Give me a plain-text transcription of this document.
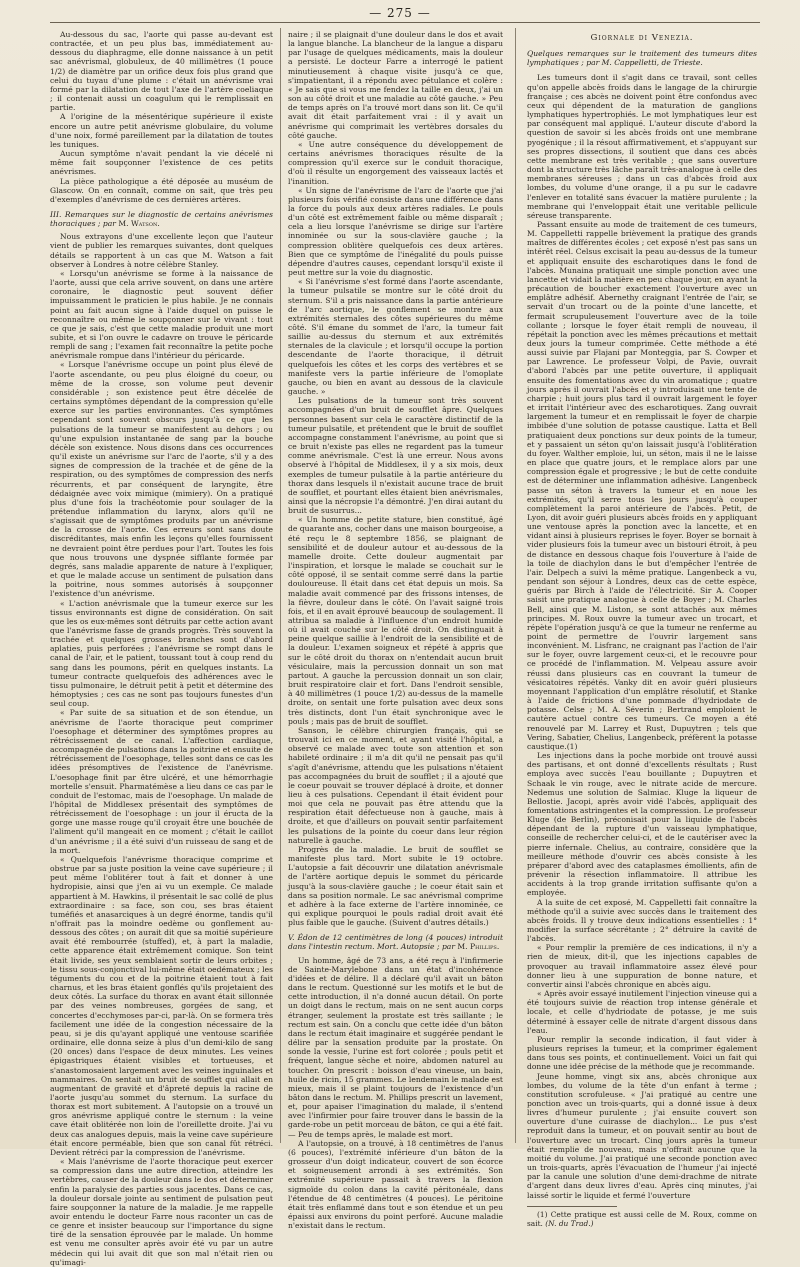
— 275 —

Au-dessous du sac, l'aorte qui passe au-devant est contractée, et un peu plus bas, immédiatement au-dessous du diaphragme, elle donne naissance à un petit sac anévrismal, globuleux, de 40 millimètres (1 pouce 1/2) de diamètre par un orifice deux fois plus grand que celui du tuyau d'une plume : c'était un anévrisme vrai formé par la dilatation de tout l'axe de l'artère coeliaque ; il contenait aussi un coagulum qui le remplissait en partie.

A l'origine de la mésentérique supérieure il existe encore un autre petit anévrisme globulaire, du volume d'une noix, formé pareillement par la dilatation de toutes les tuniques.

Aucun symptôme n'avait pendant la vie décelé ni même fait soupçonner l'existence de ces petits anévrismes.

La pièce pathologique a été déposée au muséum de Glascow. On en connaît, comme on sait, que très peu d'exemples d'anévrisme de ces dernières artères.

III. Remarques sur le diagnostic de certains anévrismes thoraciques ; par M. Watson.

Nous extrayons d'une excellente leçon que l'auteur vient de publier les remarques suivantes, dont quelques détails se rapportent à un cas que M. Watson a fait observer à Londres à notre célèbre Stanley.

« Lorsqu'un anévrisme se forme à la naissance de l'aorte, aussi que cela arrive souvent, on dans une artère coronaire, le diagnostic peut souvent défier impuissamment le praticien le plus habile. Je ne connais point au fait aucun signe à l'aide duquel on puisse le reconnaître ou même le soupçonner sur le vivant : tout ce que je sais, c'est que cette maladie produit une mort subite, et si l'on ouvre le cadavre on trouve le péricarde rempli de sang ; l'examen fait reconnaître la petite poche anévrismale rompue dans l'intérieur du péricarde.

« Lorsque l'anévrisme occupe un point plus élevé de l'aorte ascendante, ou peu plus éloigné du coeur, ou même de la crosse, son volume peut devenir considérable ; son existence peut être décelée de certains symptômes dépendant de la compression qu'elle exerce sur les parties environnantes. Ces symptômes cependant sont souvent obscurs jusqu'à ce que les pulsations de la tumeur se manifestent au dehors ; ou qu'une expulsion instantanée de sang par la bouche décèle son existence. Nous disons dans ces occurrences qu'il existe un anévrisme sur l'arc de l'aorte, s'il y a des signes de compression de la trachée et de gêne de la respiration, ou des symptômes de compression des nerfs récurrents, et par conséquent de laryngite, être dédaignée avec voix mimique (mimiery). On a pratiqué plus d'une fois la trachéotomie pour soulager de la prétendue inflammation du larynx, alors qu'il ne s'agissait que de symptômes produits par un anévrisme de la crosse de l'aorte. Ces erreurs sont sans doute discréditantes, mais enfin les leçons qu'elles fournissent ne devraient point être perdues pour l'art. Toutes les fois que nous trouvons une dyspnée sifflante formée par degrés, sans maladie apparente de nature à l'expliquer, et que le malade accuse un sentiment de pulsation dans la poitrine, nous sommes autorisés à soupçonner l'existence d'un anévrisme.

« L'action anévrismale que la tumeur exerce sur les tissus environnants est digne de considération. On sait que les os eux-mêmes sont détruits par cette action avant que l'anévrisme fasse de grands progrès. Très souvent la trachée et quelques grosses branches sont d'abord aplaties, puis perforées ; l'anévrisme se rompt dans le canal de l'air, et le patient, toussant tout à coup rend du sang dans les poumons, périt en quelques instants. La tumeur contracte quelquefois des adhérences avec le tissu pulmonaire, le détruit petit à petit et détermine des hémoptysies ; ces cas ne sont pas toujours funestes d'un seul coup.

« Par suite de sa situation et de son étendue, un anévrisme de l'aorte thoracique peut comprimer l'oesophage et déterminer des symptômes propres au rétrécissement de ce canal. L'affection cardiaque, accompagnée de pulsations dans la poitrine et ensuite de rétrécissement de l'oesophage, telles sont dans ce cas les idées présomptives de l'existence de l'anévrisme. L'oesophage finit par être ulcéré, et une hémorrhagie mortelle s'ensuit. Pharmatémèse a lieu dans ce cas par le conduit de l'estomac, mais de l'oesophage. Un malade de l'hôpital de Middlesex présentait des symptômes de rétrécissement de l'oesophage : un jour il éructa de la gorge une masse rouge qu'il croyait être une bouchée de l'aliment qu'il mangeait en ce moment ; c'était le caillot d'un anévrisme ; il a été suivi d'un ruisseau de sang et de la mort.

« Quelquefois l'anévrisme thoracique comprime et obstrue par sa juste position la veine cave supérieure ; il peut même l'oblitérer tout à fait et donner à une hydropisie, ainsi que j'en ai vu un exemple. Ce malade appartient à M. Hawkins, il présentait le sac collé de plus extraordinaire : sa face, son cou, ses bras étaient tuméfiés et anasarciques à un degré énorme, tandis qu'il n'offrait pas la moindre oedème ou gonflement au-dessous des côtes ; on aurait dit que sa moitié supérieure avait été rembourrée (stuffed), et, à part la maladie, cette apparence était extrêmement comique. Son teint était livide, ses yeux semblaient sortir de leurs orbites ; le tissu sous-conjonctival lui-même était oedémateux ; les téguments du cou et de la poitrine étaient tout à fait charnus, et les bras étaient gonflés qu'ils projetaient des deux côtés. La surface du thorax en avant était sillonnée par des veines nombreuses, gorgées de sang, et concertes d'ecchymoses par-ci, par-là. On se formera très facilement une idée de la congestion nécessaire de la peau, si je dis qu'ayant appliqué une ventouse scarifiée ordinaire, elle donna seize à plus d'un demi-kilo de sang (20 onces) dans l'espace de deux minutes. Les veines épigastriques étaient visibles et tortueuses, et s'anastomosaient largement avec les veines inguinales et mammaires. On sentait un bruit de soufflet qui allait en augmentant de gravité et d'âpreté depuis la racine de l'aorte jusqu'au sommet du sternum. La surface du thorax est mort subitement. A l'autopsie on a trouvé un gros anévrisme appliqué contre le sternum : la veine cave était oblitérée non loin de l'oreillette droite. J'ai vu deux cas analogues depuis, mais la veine cave supérieure était encore perméable, bien que son canal fût rétréci. Devient rétréci par la compression de l'anévrisme.

« Mais l'anévrisme de l'aorte thoracique peut exercer sa compression dans une autre direction, atteindre les vertèbres, causer de la douleur dans le dos et déterminer enfin la paralysie des parties sous jacentes. Dans ce cas, la douleur dorsale jointe au sentiment de pulsation peut faire soupçonner la nature de la maladie. Je me rappelle avoir entendu le docteur Farre nous raconter un cas de ce genre et insister beaucoup sur l'importance du signe tiré de la sensation éprouvée par le malade. Un homme est venu me consulter après avoir été vu par un autre médecin qui lui avait dit que son mal n'était rien ou qu'imagi-

naire ; il se plaignait d'une douleur dans le dos et avait la langue blanche. La blancheur de la langue a disparu par l'usage de quelques médicaments, mais la douleur a persisté. Le docteur Farre a interrogé le patient minutieusement à chaque visite jusqu'à ce que, s'impatientant, il a répondu avec pétulance et colère : « Je sais que si vous me fendez la taille en deux, j'ai un son au côté droit et une maladie au côté gauche. » Peu de temps après on l'a trouvé mort dans son lit. Ce qu'il avait dit était parfaitement vrai : il y avait un anévrisme qui comprimait les vertèbres dorsales du côté gauche.

« Une autre conséquence du développement de certains anévrismes thoraciques résulte de la compression qu'il exerce sur le conduit thoracique, d'où il résulte un engorgement des vaisseaux lactés et l'inanition.

« Un signe de l'anévrisme de l'arc de l'aorte que j'ai plusieurs fois vérifié consiste dans une différence dans la force du pouls aux deux artères radiales. Le pouls d'un côté est extrêmement faible ou même disparaît ; cela a lieu lorsque l'anévrisme se dirige sur l'artère innominée ou sur la sous-clavière gauche ; la compression oblitère quelquefois ces deux artères. Bien que ce symptôme de l'inégalité du pouls puisse dépendre d'autres causes, cependant lorsqu'il existe il peut mettre sur la voie du diagnostic.

« Si l'anévrisme s'est formé dans l'aorte ascendante, la tumeur pulsatile se montre sur le côté droit du sternum. S'il a pris naissance dans la partie antérieure de l'arc aortique, le gonflement se montre aux extrémités sternales des côtes supérieures du même côté. S'il émane du sommet de l'arc, la tumeur fait saillie au-dessus du sternum et aux extrémités sternales de la clavicule ; et lorsqu'il occupe la portion descendante de l'aorte thoracique, il détruit quelquefois les côtes et les corps des vertèbres et se manifeste vers la partie inférieure de l'omoplate gauche, ou bien en avant au dessous de la clavicule gauche. »

Les pulsations de la tumeur sont très souvent accompagnées d'un bruit de soufflet âpre. Quelques personnes basent sur cela le caractère distinctif de la tumeur pulsatile, et prétendent que le bruit de soufflet accompagne constamment l'anévrisme, au point que si ce bruit n'existe pas elles ne regardent pas la tumeur comme anévrismale. C'est là une erreur. Nous avons observé à l'hôpital de Middlesex, il y a six mois, deux exemples de tumeur pulsatile à la partie antérieure du thorax dans lesquels il n'existait aucune trace de bruit de soufflet, et pourtant elles étaient bien anévrismales, ainsi que la nécropsie l'a démontré. J'en dirai autant du bruit de susurrus...

« Un homme de petite stature, bien constitué, âgé de quarante ans, cocher dans une maison bourgeoise, a été reçu le 8 septembre 1856, se plaignant de sensibilité et de douleur autour et au-dessous de la mamelle droite. Cette douleur augmentait par l'inspiration, et lorsque le malade se couchait sur le côté opposé, il se sentait comme serré dans la partie douloureuse. Il était dans cet état depuis un mois. Sa maladie avait commencé par des frissons intenses, de la fièvre, douleur dans le côté. On l'avait saigné trois fois, et il en avait éprouvé beaucoup de soulagement. Il attribua sa maladie à l'influence d'un endroit humide où il avait couché sur le côté droit. On distinguait à peine quelque saillie à l'endroit de la sensibilité et de la douleur. L'examen soigneux et répété à appris que sur le côté droit du thorax on n'entendait aucun bruit vésiculaire, mais la percussion donnait un son mat partout. A gauche la percussion donnait un son clair, bruit respiratoire clair et fort. Dans l'endroit sensible, à 40 millimètres (1 pouce 1/2) au-dessus de la mamelle droite, on sentait une forte pulsation avec deux sons très distincts, dont l'un était synchronique avec le pouls ; mais pas de bruit de soufflet.

Sanson, le célèbre chirurgien français, qui se trouvait ici en ce moment, et ayant visité l'hôpital, a observé ce malade avec toute son attention et son habileté ordinaire ; il m'a dit qu'il ne pensait pas qu'il s'agît d'anévrisme, attendu que les pulsations n'étaient pas accompagnées du bruit de soufflet ; il a ajouté que le coeur pouvait se trouver déplacé à droite, et donner lieu à ces pulsations. Cependant il était évident pour moi que cela ne pouvait pas être attendu que la respiration était défectueuse non à gauche, mais à droite, et que d'ailleurs on pouvait sentir parfaitement les pulsations de la pointe du coeur dans leur région naturelle à gauche.

Progrès de la maladie. Le bruit de soufflet se manifeste plus tard. Mort subite le 19 octobre. L'autopsie a fait découvrir une dilatation anévrismale de l'artère aortique depuis le sommet du péricarde jusqu'à la sous-clavière gauche ; le coeur était sain et dans sa position normale. Le sac anévrismal comprime et adhère à la face externe de l'artère innominée, ce qui explique pourquoi le pouls radial droit avait été plus faible que le gauche. (Suivent d'autres détails.)

V. Édon de 12 centimètres de long (4 pouces) introduit dans l'intestin rectum. Mort. Autopsie ; par M. Phillips.

Un homme, âgé de 73 ans, a été reçu à l'infirmerie de Sainte-Marylebone dans un état d'incohérence d'idées et de délire. Il a déclaré qu'il avait un bâton dans le rectum. Questionné sur les motifs et le but de cette introduction, il n'a donné aucun détail. On porte un doigt dans le rectum, mais on ne sent aucun corps étranger, seulement la prostate est très saillante ; le rectum est sain. On a conclu que cette idée d'un bâton dans le rectum était imaginaire et suggérée pendant le délire par la sensation produite par la prostate. On sonde la vessie, l'urine est fort colorée ; pouls petit et fréquent, langue sèche et noire, abdomen naturel au toucher. On prescrit : boisson d'eau vineuse, un bain, huile de ricin, 15 grammes. Le lendemain le malade est mieux, mais il se plaint toujours de l'existence d'un bâton dans le rectum. M. Phillips prescrit un lavement, et, pour apaiser l'imagination du malade, il s'entend avec l'infirmier pour faire trouver dans le bassin de la garde-robe un petit morceau de bâton, ce qui a été fait. — Peu de temps après, le malade est mort.

A l'autopsie, on a trouvé, à 18 centimètres de l'anus (6 pouces), l'extrémité inférieure d'un bâton de la grosseur d'un doigt indicateur, couvert de son écorce et soigneusement arrondi à ses extrémités. Son extrémité supérieure passait à travers la flexion sigmoïde du colon dans la cavité péritonéale, dans l'étendue de 48 centimètres (4 pouces). Le péritoine était très enflammé dans tout e son étendue et un peu épaissi aux environs du point perforé. Aucune maladie n'existait dans le rectum.

Giornale di Venezia.

Quelques remarques sur le traitement des tumeurs dites lymphatiques ; par M. Cappelletti, de Trieste.

Les tumeurs dont il s'agit dans ce travail, sont celles qu'on appelle abcès froids dans le langage de la chirurgie française ; ces abcès ne doivent point être confondus avec ceux qui dépendent de la maturation de ganglions lymphatiques hypertrophiés. Le mot lymphatiques leur est par conséquent mal appliqué. L'auteur discute d'abord la question de savoir si les abcès froids ont une membrane pyogénique ; il la résout affirmativement, et s'appuyant sur ses propres dissections, il soutient que dans ces abcès cette membrane est très veritable ; que sans ouverture dont la structure très lâche paraît très-analogue à celle des membranes séreuses ; dans un cas d'abcès froid aux lombes, du volume d'une orange, il a pu sur le cadavre l'enlever en totalité sans évacuer la matière purulente ; la membrane qui l'enveloppait était une veritable pellicule séreuse transparente.

Passant ensuite au mode de traitement de ces tumeurs, M. Cappelletti rappelle brièvement la pratique des grands maîtres de différentes écoles ; cet exposé n'est pas sans un intérêt réel. Celsus excisait la peau au-dessus de la tumeur et appliquait ensuite des escharotiques dans le fond de l'abcès. Munaina pratiquait une simple ponction avec une lancette et vidait la matière en peu chaque jour, en ayant la précaution de boucher exactement l'ouverture avec un emplâtre adhésif. Abernethy craignant l'entrée de l'air, se servait d'un trocart ou de la pointe d'une lancette, et fermait scrupuleusement l'ouverture avec de la toile collante ; lorsque le foyer était rempli de nouveau, il répétait la ponction avec les mêmes précautions et mettait deux jours la tumeur comprimée. Cette méthode a été aussi suivie par Flajani par Monteggia, par S. Cowper et par Lawrence. Le professeur Volpi, de Pavie, ouvrait d'abord l'abcès par une petite ouverture, il appliquait ensuite des fomentations avec du vin aromatique ; quatre jours après il ouvrait l'abcès et y introduisait une tente de charpie ; huit jours plus tard il ouvrait largement le foyer et irritait l'intérieur avec des escharotiques. Zang ouvrait largement la tumeur et en remplissait le foyer de charpie imbibée d'une solution de potasse caustique. Latta et Bell pratiquaient deux ponctions sur deux points de la tumeur, et y passaient un séton qu'on laissait jusqu'à l'oblitération du foyer. Walther emploie, lui, un séton, mais il ne le laisse en place que quatre jours, et le remplace alors par une compression égale et progressive ; le but de cette conduite est de déterminer une inflammation adhésive. Langenbeck passe un séton à travers la tumeur et en noue les extrémités, qu'il serre tous les jours jusqu'à couper complètement la paroi antérieure de l'abcès. Petit, de Lyon, dit avoir guéri plusieurs abcès froids en y appliquant une ventouse après la ponction avec la lancette, et en vidant ainsi à plusieurs reprises le foyer. Boyer se bornait à vider plusieurs fois la tumeur avec un bistouri étroit, à peu de distance en dessous chaque fois l'ouverture à l'aide de la toile de diachylon dans le but d'empêcher l'entrée de l'air. Delpech a suivi la même pratique. Langenbeck a vu, pendant son séjour à Londres, deux cas de cette espèce, guéris par Birch à l'aide de l'électricité. Sir A. Cooper saisit une pratique analogue à celle de Boyer ; M. Charles Bell, ainsi que M. Liston, se sont attachés aux mêmes principes. M. Roux ouvre la tumeur avec un trocart, et répète l'opération jusqu'à ce que la tumeur ne renferme au point de permettre de l'ouvrir largement sans inconvénient. M. Lisfranc, ne craignant pas l'action de l'air sur le foyer, ouvre largement ceux-ci, et le recouvre pour ce procédé de l'inflammation. M. Velpeau assure avoir réussi dans plusieurs cas en couvrant la tumeur de vésicatoires répétés. Vanky dit en avoir guéri plusieurs moyennant l'application d'un emplâtre résolutif, et Stanke à l'aide de frictions d'une pommade d'hydriodate de potasse. Celse ; M. A. Séverin ; Bertrand emploient le cautère actuel contre ces tumeurs. Ce moyen a été renouvelé par M. Larrey et Rust, Dupuytren ; tels que Vering, Sabatier, Chelius, Langenbeck, préfèrent la potasse caustique.(1)

Les injections dans la poche morbide ont trouvé aussi des partisans, et ont donné d'excellents résultats ; Rust employa avec succès l'eau bouillante ; Dupuytren et Schaak le vin rouge, avec le nitrate acide de mercure. Nedemus une solution de Salmiac. Kluge la liqueur de Bellostie. Jacopi, après avoir vidé l'abcès, appliquait des fomentations astringentes et la compression. Le professeur Kluge (de Berlin), préconisait pour la liquide de l'abcès dépendant de la rupture d'un vaisseau lymphatique, conseille de rechercher celui-ci, et de le cautériser avec la pierre infernale. Chelius, au contraire, considère que la meilleure méthode d'ouvrir ces abcès consiste à les préparer d'abord avec des cataplasmes émollients, afin de prévenir la résection inflammatoire. Il attribue les accidents à la trop grande irritation suffisante qu'on a employée.

A la suite de cet exposé, M. Cappelletti fait connaître la méthode qu'il a suivie avec succès dans le traitement des abcès froids. Il y trouve deux indications essentielles : 1° modifier la surface sécrétante ; 2° détruire la cavité de l'abcès.

« Pour remplir la première de ces indications, il n'y a rien de mieux, dit-il, que les injections capables de provoquer au travail inflammatoire assez élevé pour donner lieu à une suppuration de bonne nature, et convertir ainsi l'abcès chronique en abcès aigu.

« Après avoir essayé inutilement l'injection vineuse qui a été toujours suivie de réaction trop intense générale et locale, et celle d'hydriodate de potasse, je me suis déterminé à essayer celle de nitrate d'argent dissous dans l'eau.

Pour remplir la seconde indication, il faut vider à plusieurs reprises la tumeur, et la comprimer également dans tous ses points, et continuellement. Voici un fait qui donne une idée précise de la méthode que je recommande.

Jeune homme, vingt six ans, abcès chronique aux lombes, du volume de la tête d'un enfant à terme ; constitution scrofuleuse. « J'ai pratiqué au centre une ponction avec un trois-quarts, qui a donné issue à deux livres d'humeur purulente ; j'ai ensuite couvert son ouverture d'une cuirasse de diachylon... Le pus s'est reproduit dans la tumeur, et on pouvait sentir au bout de l'ouverture avec un trocart. Cinq jours après la tumeur était remplie de nouveau, mais n'offrait aucune que la moitié du volume. J'ai pratiqué une seconde ponction avec un trois-quarts, après l'évacuation de l'humeur j'ai injecté par la canule une solution d'une demi-drachme de nitrate d'argent dans deux livres d'eau. Après cinq minutes, j'ai laissé sortir le liquide et fermé l'ouverture

(1) Cette pratique est aussi celle de M. Roux, comme on sait. (N. du Trad.)
